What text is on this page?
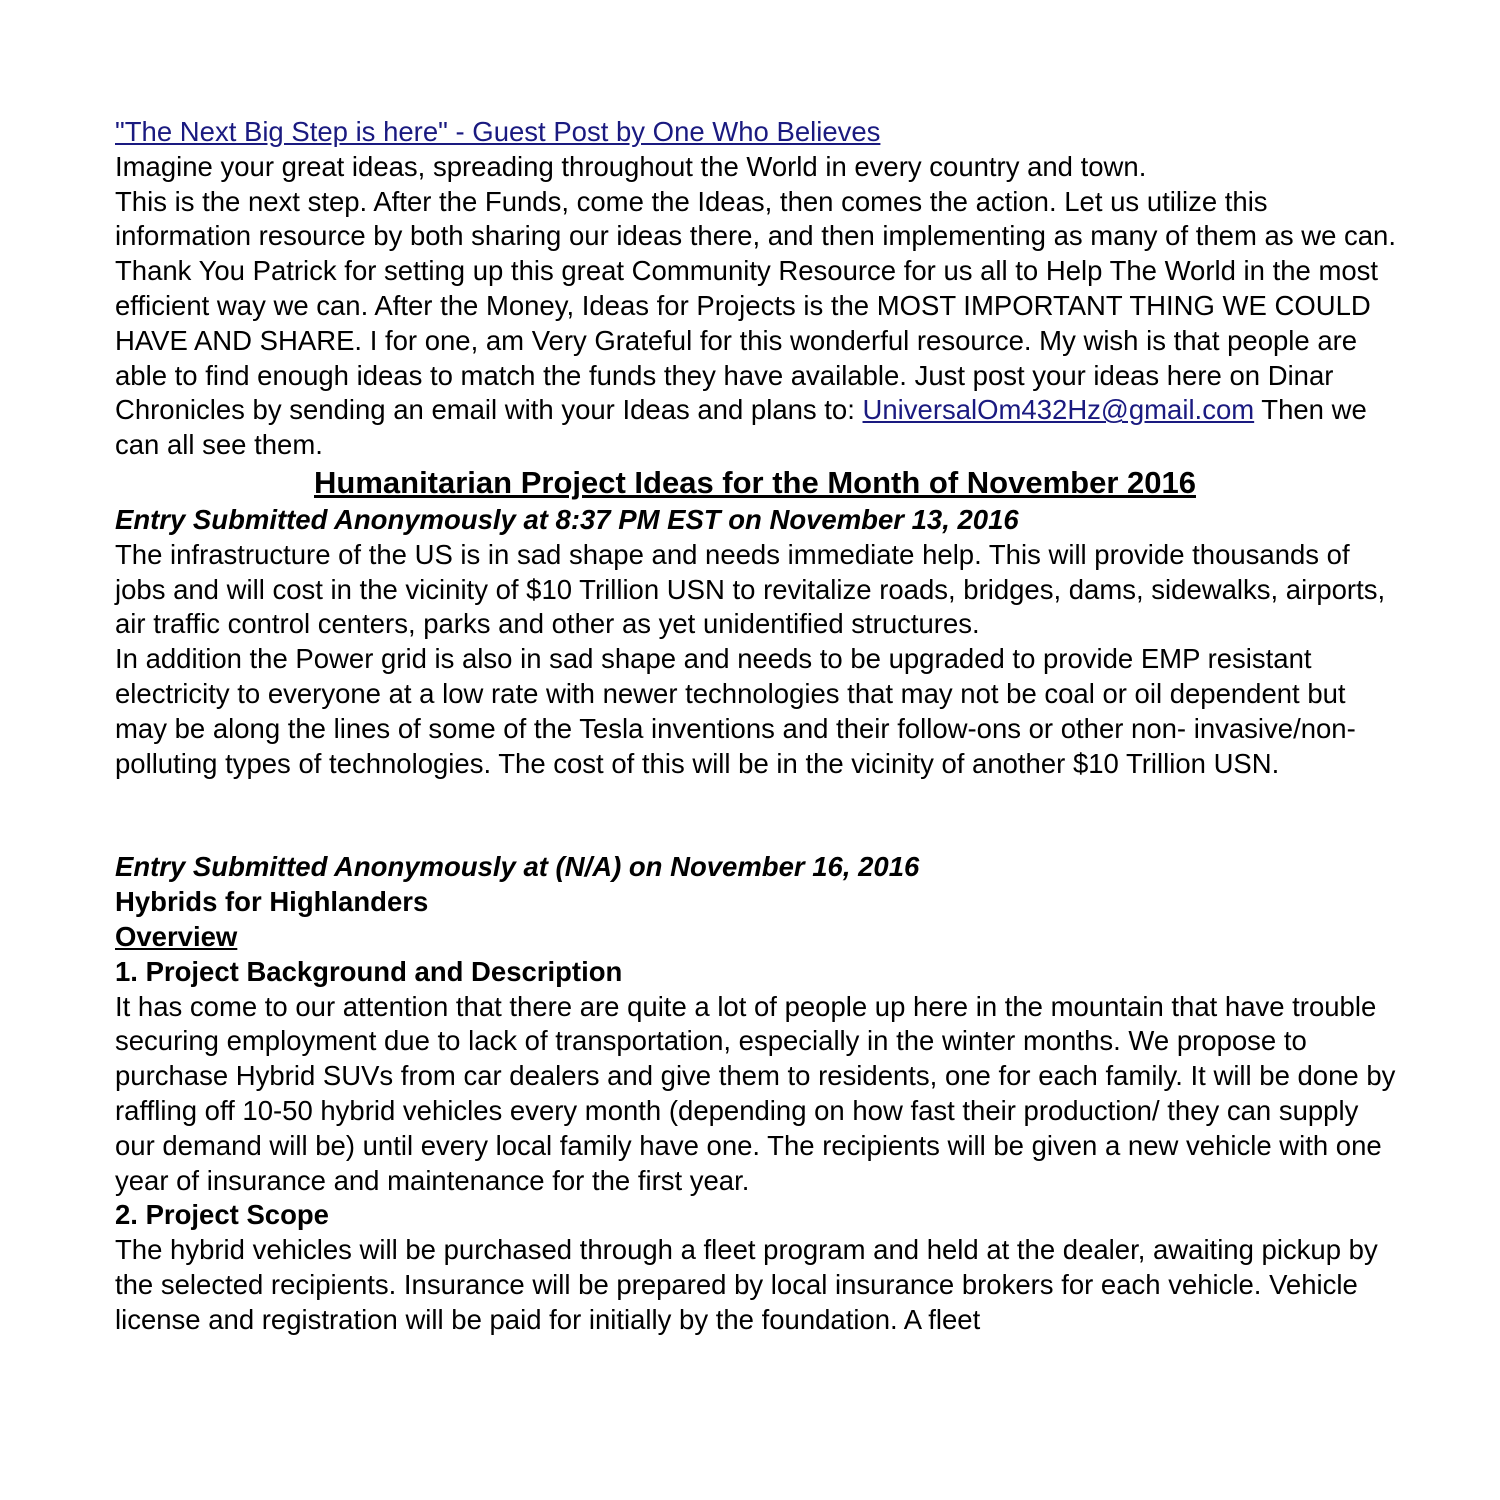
"The Next Big Step is here" - Guest Post by One Who Believes

Imagine your great ideas, spreading throughout the World in every country and town.

This is the next step. After the Funds, come the Ideas, then comes the action. Let us utilize this information resource by both sharing our ideas there, and then implementing as many of them as we can. Thank You Patrick for setting up this great Community Resource for us all to Help The World in the most efficient way we can. After the Money, Ideas for Projects is the MOST IMPORTANT THING WE COULD HAVE AND SHARE. I for one, am Very Grateful for this wonderful resource. My wish is that people are able to find enough ideas to match the funds they have available. Just post your ideas here on Dinar Chronicles by sending an email with your Ideas and plans to: UniversalOm432Hz@gmail.com Then we can all see them.

Humanitarian Project Ideas for the Month of November 2016

Entry Submitted Anonymously at 8:37 PM EST on November 13, 2016

The infrastructure of the US is in sad shape and needs immediate help. This will provide thousands of jobs and will cost in the vicinity of $10 Trillion USN to revitalize roads, bridges, dams, sidewalks, airports, air traffic control centers, parks and other as yet unidentified structures.

In addition the Power grid is also in sad shape and needs to be upgraded to provide EMP resistant electricity to everyone at a low rate with newer technologies that may not be coal or oil dependent but may be along the lines of some of the Tesla inventions and their follow-ons or other non- invasive/non-polluting types of technologies. The cost of this will be in the vicinity of another $10 Trillion USN.

Entry Submitted Anonymously at (N/A) on November 16, 2016

Hybrids for Highlanders

Overview

1. Project Background and Description

It has come to our attention that there are quite a lot of people up here in the mountain that have trouble securing employment due to lack of transportation, especially in the winter months. We propose to purchase Hybrid SUVs from car dealers and give them to residents, one for each family. It will be done by raffling off 10-50 hybrid vehicles every month (depending on how fast their production/ they can supply our demand will be) until every local family have one. The recipients will be given a new vehicle with one year of insurance and maintenance for the first year.

2. Project Scope

The hybrid vehicles will be purchased through a fleet program and held at the dealer, awaiting pickup by the selected recipients. Insurance will be prepared by local insurance brokers for each vehicle. Vehicle license and registration will be paid for initially by the foundation. A fleet
